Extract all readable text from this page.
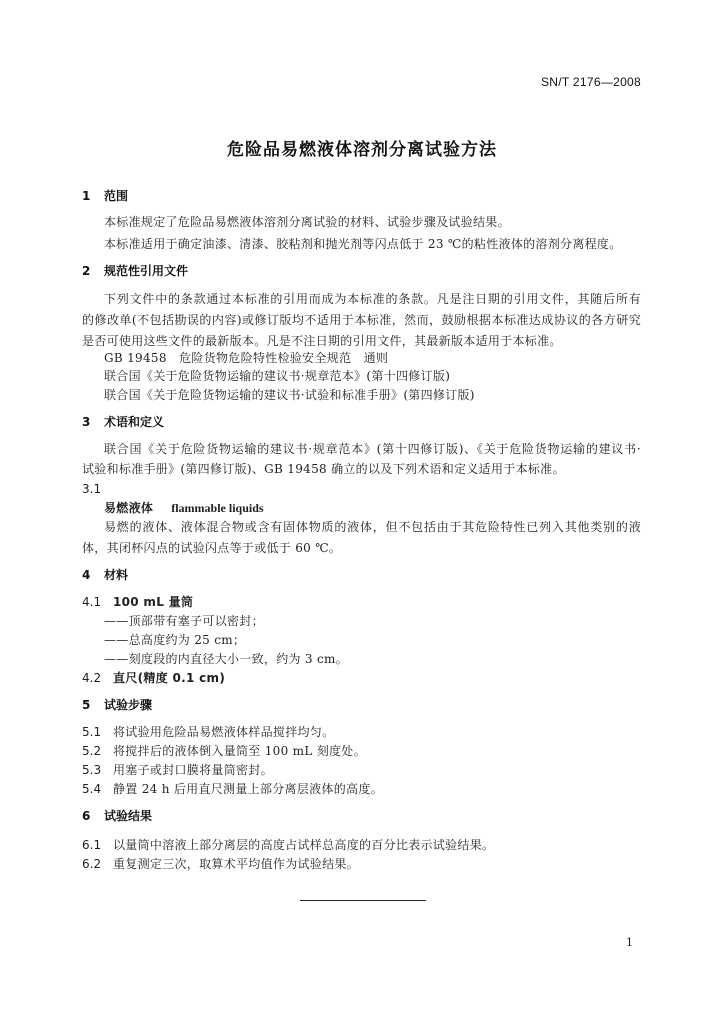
SN/T 2176—2008
危险品易燃液体溶剂分离试验方法
1 范围
本标准规定了危险品易燃液体溶剂分离试验的材料、试验步骤及试验结果。
本标准适用于确定油漆、清漆、胶粘剂和抛光剂等闪点低于 23 ℃的粘性液体的溶剂分离程度。
2 规范性引用文件
下列文件中的条款通过本标准的引用而成为本标准的条款。凡是注日期的引用文件，其随后所有
的修改单(不包括勘误的内容)或修订版均不适用于本标准，然而，鼓励根据本标准达成协议的各方研究
是否可使用这些文件的最新版本。凡是不注日期的引用文件，其最新版本适用于本标准。
GB 19458　危险货物危险特性检验安全规范　通则
联合国《关于危险货物运输的建议书·规章范本》(第十四修订版)
联合国《关于危险货物运输的建议书·试验和标准手册》(第四修订版)
3 术语和定义
联合国《关于危险货物运输的建议书·规章范本》(第十四修订版)、《关于危险货物运输的建议书·
试验和标准手册》(第四修订版)、GB 19458 确立的以及下列术语和定义适用于本标准。
3.1
易燃液体 flammable liquids
易燃的液体、液体混合物或含有固体物质的液体，但不包括由于其危险特性已列入其他类别的液
体，其闭杯闪点的试验闪点等于或低于 60 ℃。
4 材料
4.1 100 mL 量筒
——顶部带有塞子可以密封；
——总高度约为 25 cm；
——刻度段的内直径大小一致，约为 3 cm。
4.2 直尺(精度 0.1 cm)
5 试验步骤
5.1 将试验用危险品易燃液体样品搅拌均匀。
5.2 将搅拌后的液体倒入量筒至 100 mL 刻度处。
5.3 用塞子或封口膜将量筒密封。
5.4 静置 24 h 后用直尺测量上部分离层液体的高度。
6 试验结果
6.1 以量筒中溶液上部分离层的高度占试样总高度的百分比表示试验结果。
6.2 重复测定三次，取算术平均值作为试验结果。
1
